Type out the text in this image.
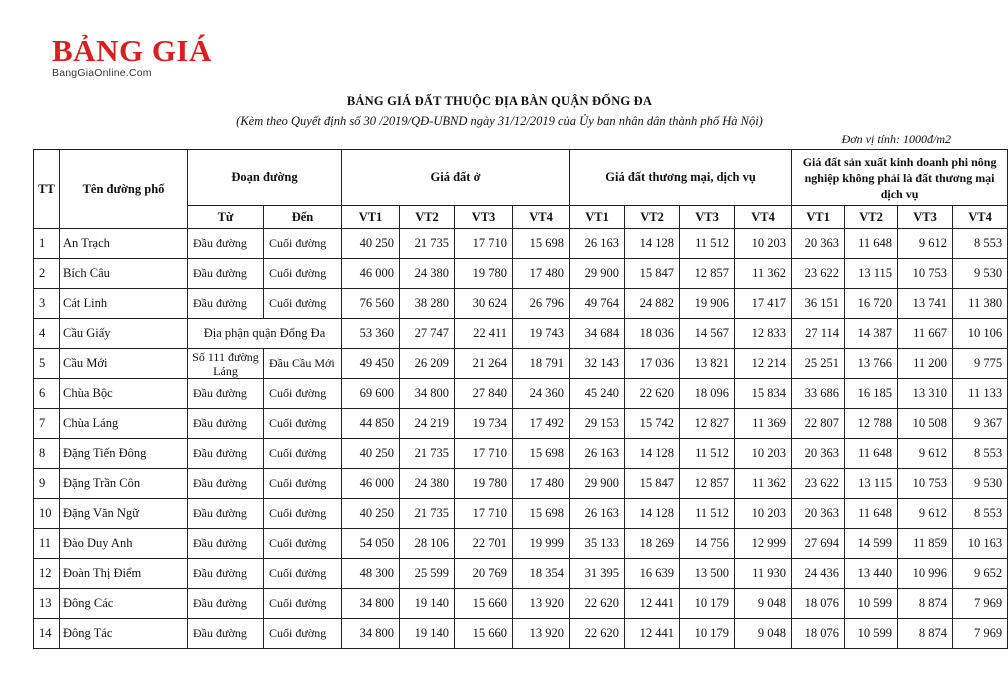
BẢNG GIÁ
BangGiaOnline.Com
BẢNG GIÁ ĐẤT THUỘC ĐỊA BÀN QUẬN ĐỐNG ĐA
(Kèm theo Quyết định số 30 /2019/QĐ-UBND ngày 31/12/2019 của Ủy ban nhân dân thành phố Hà Nội)
Đơn vị tính: 1000đ/m2
TT	Tên đường phố	Đoạn đường		Giá đất ở				Giá đất thương mại, dịch vụ				Giá đất sản xuất kinh doanh phi nông nghiệp không phải là đất thương mại dịch vụ			
		Từ	Đến	VT1	VT2	VT3	VT4	VT1	VT2	VT3	VT4	VT1	VT2	VT3	VT4
1	An Trạch	Đầu đường	Cuối đường	40 250	21 735	17 710	15 698	26 163	14 128	11 512	10 203	20 363	11 648	9 612	8 553
2	Bích Câu	Đầu đường	Cuối đường	46 000	24 380	19 780	17 480	29 900	15 847	12 857	11 362	23 622	13 115	10 753	9 530
3	Cát Linh	Đầu đường	Cuối đường	76 560	38 280	30 624	26 796	49 764	24 882	19 906	17 417	36 151	16 720	13 741	11 380
4	Cầu Giấy	Địa phận quận Đống Đa		53 360	27 747	22 411	19 743	34 684	18 036	14 567	12 833	27 114	14 387	11 667	10 106
5	Cầu Mới	Số 111 đường Láng	Đầu Cầu Mới	49 450	26 209	21 264	18 791	32 143	17 036	13 821	12 214	25 251	13 766	11 200	9 775
6	Chùa Bộc	Đầu đường	Cuối đường	69 600	34 800	27 840	24 360	45 240	22 620	18 096	15 834	33 686	16 185	13 310	11 133
7	Chùa Láng	Đầu đường	Cuối đường	44 850	24 219	19 734	17 492	29 153	15 742	12 827	11 369	22 807	12 788	10 508	9 367
8	Đặng Tiến Đông	Đầu đường	Cuối đường	40 250	21 735	17 710	15 698	26 163	14 128	11 512	10 203	20 363	11 648	9 612	8 553
9	Đặng Trần Côn	Đầu đường	Cuối đường	46 000	24 380	19 780	17 480	29 900	15 847	12 857	11 362	23 622	13 115	10 753	9 530
10	Đặng Văn Ngữ	Đầu đường	Cuối đường	40 250	21 735	17 710	15 698	26 163	14 128	11 512	10 203	20 363	11 648	9 612	8 553
11	Đào Duy Anh	Đầu đường	Cuối đường	54 050	28 106	22 701	19 999	35 133	18 269	14 756	12 999	27 694	14 599	11 859	10 163
12	Đoàn Thị Điểm	Đầu đường	Cuối đường	48 300	25 599	20 769	18 354	31 395	16 639	13 500	11 930	24 436	13 440	10 996	9 652
13	Đông Các	Đầu đường	Cuối đường	34 800	19 140	15 660	13 920	22 620	12 441	10 179	9 048	18 076	10 599	8 874	7 969
14	Đông Tác	Đầu đường	Cuối đường	34 800	19 140	15 660	13 920	22 620	12 441	10 179	9 048	18 076	10 599	8 874	7 969
